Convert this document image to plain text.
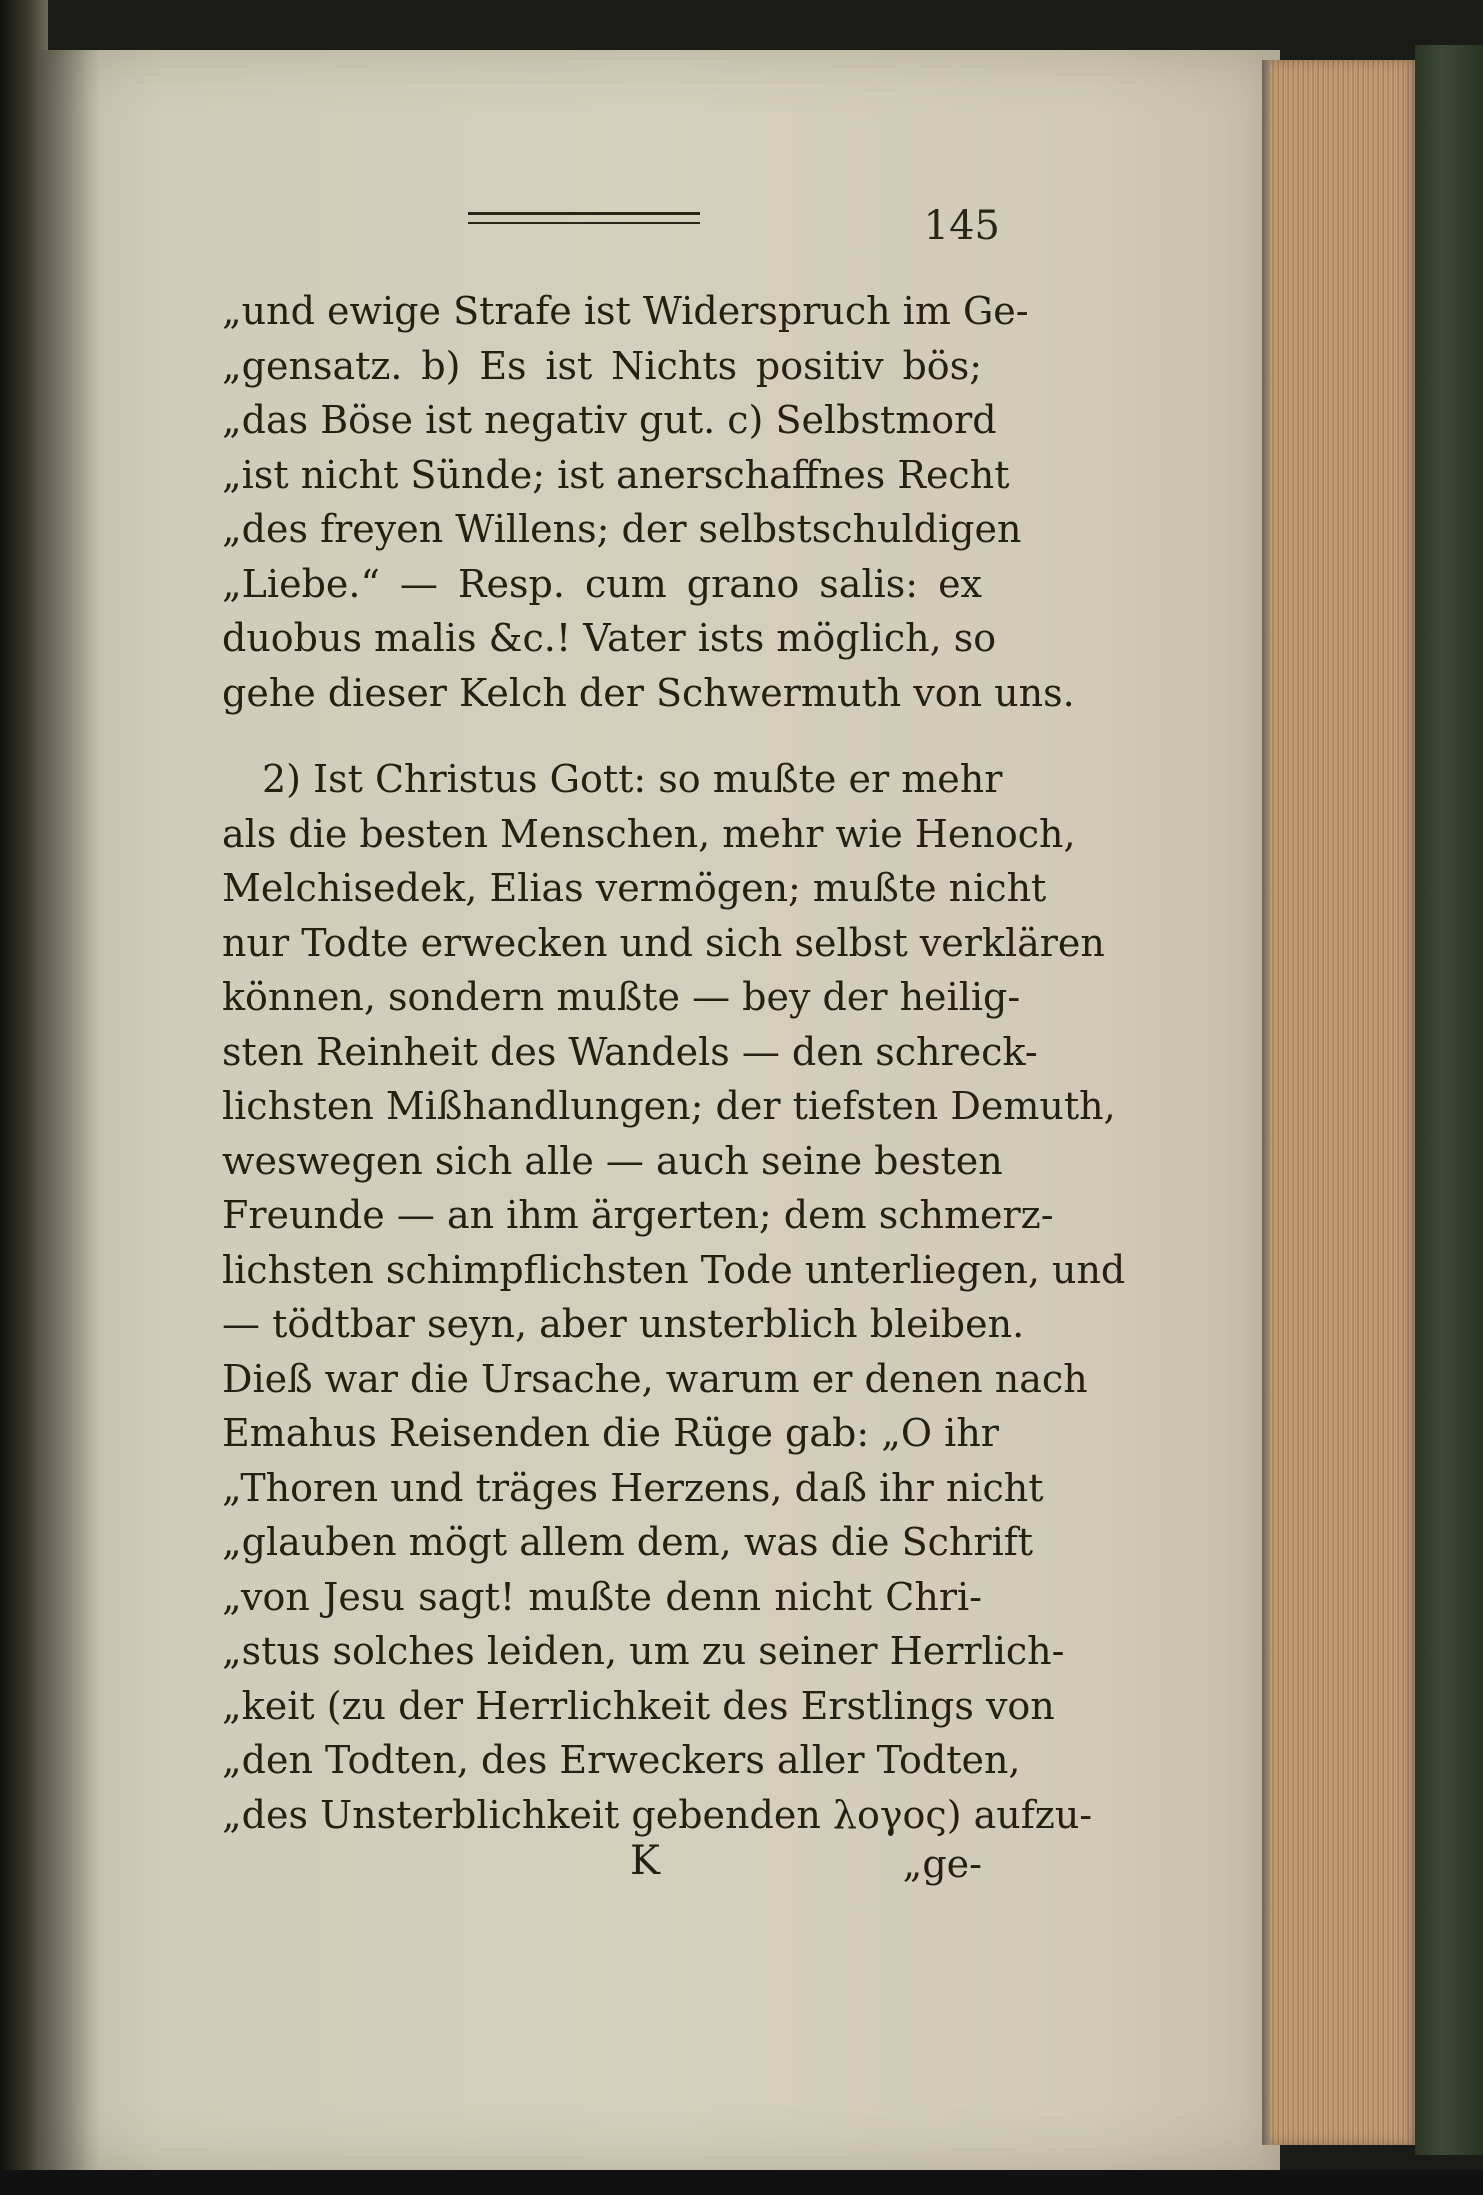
145
„und ewige Strafe ist Widerspruch im Ge-
„gensatz. b) Es ist Nichts positiv bös;
„das Böse ist negativ gut. c) Selbstmord
„ist nicht Sünde; ist anerschaffnes Recht
„des freyen Willens; der selbstschuldigen
„Liebe.“ — Resp. cum grano salis: ex
duobus malis &c.! Vater ists möglich, so
gehe dieser Kelch der Schwermuth von uns.
2) Ist Christus Gott: so mußte er mehr
als die besten Menschen, mehr wie Henoch,
Melchisedek, Elias vermögen; mußte nicht
nur Todte erwecken und sich selbst verklären
können, sondern mußte — bey der heilig-
sten Reinheit des Wandels — den schreck-
lichsten Mißhandlungen; der tiefsten Demuth,
weswegen sich alle — auch seine besten
Freunde — an ihm ärgerten; dem schmerz-
lichsten schimpflichsten Tode unterliegen, und
— tödtbar seyn, aber unsterblich bleiben.
Dieß war die Ursache, warum er denen nach
Emahus Reisenden die Rüge gab: „O ihr
„Thoren und träges Herzens, daß ihr nicht
„glauben mögt allem dem, was die Schrift
„von Jesu sagt! mußte denn nicht Chri-
„stus solches leiden, um zu seiner Herrlich-
„keit (zu der Herrlichkeit des Erstlings von
„den Todten, des Erweckers aller Todten,
„des Unsterblichkeit gebenden λογος) aufzu-
K	„ge-
